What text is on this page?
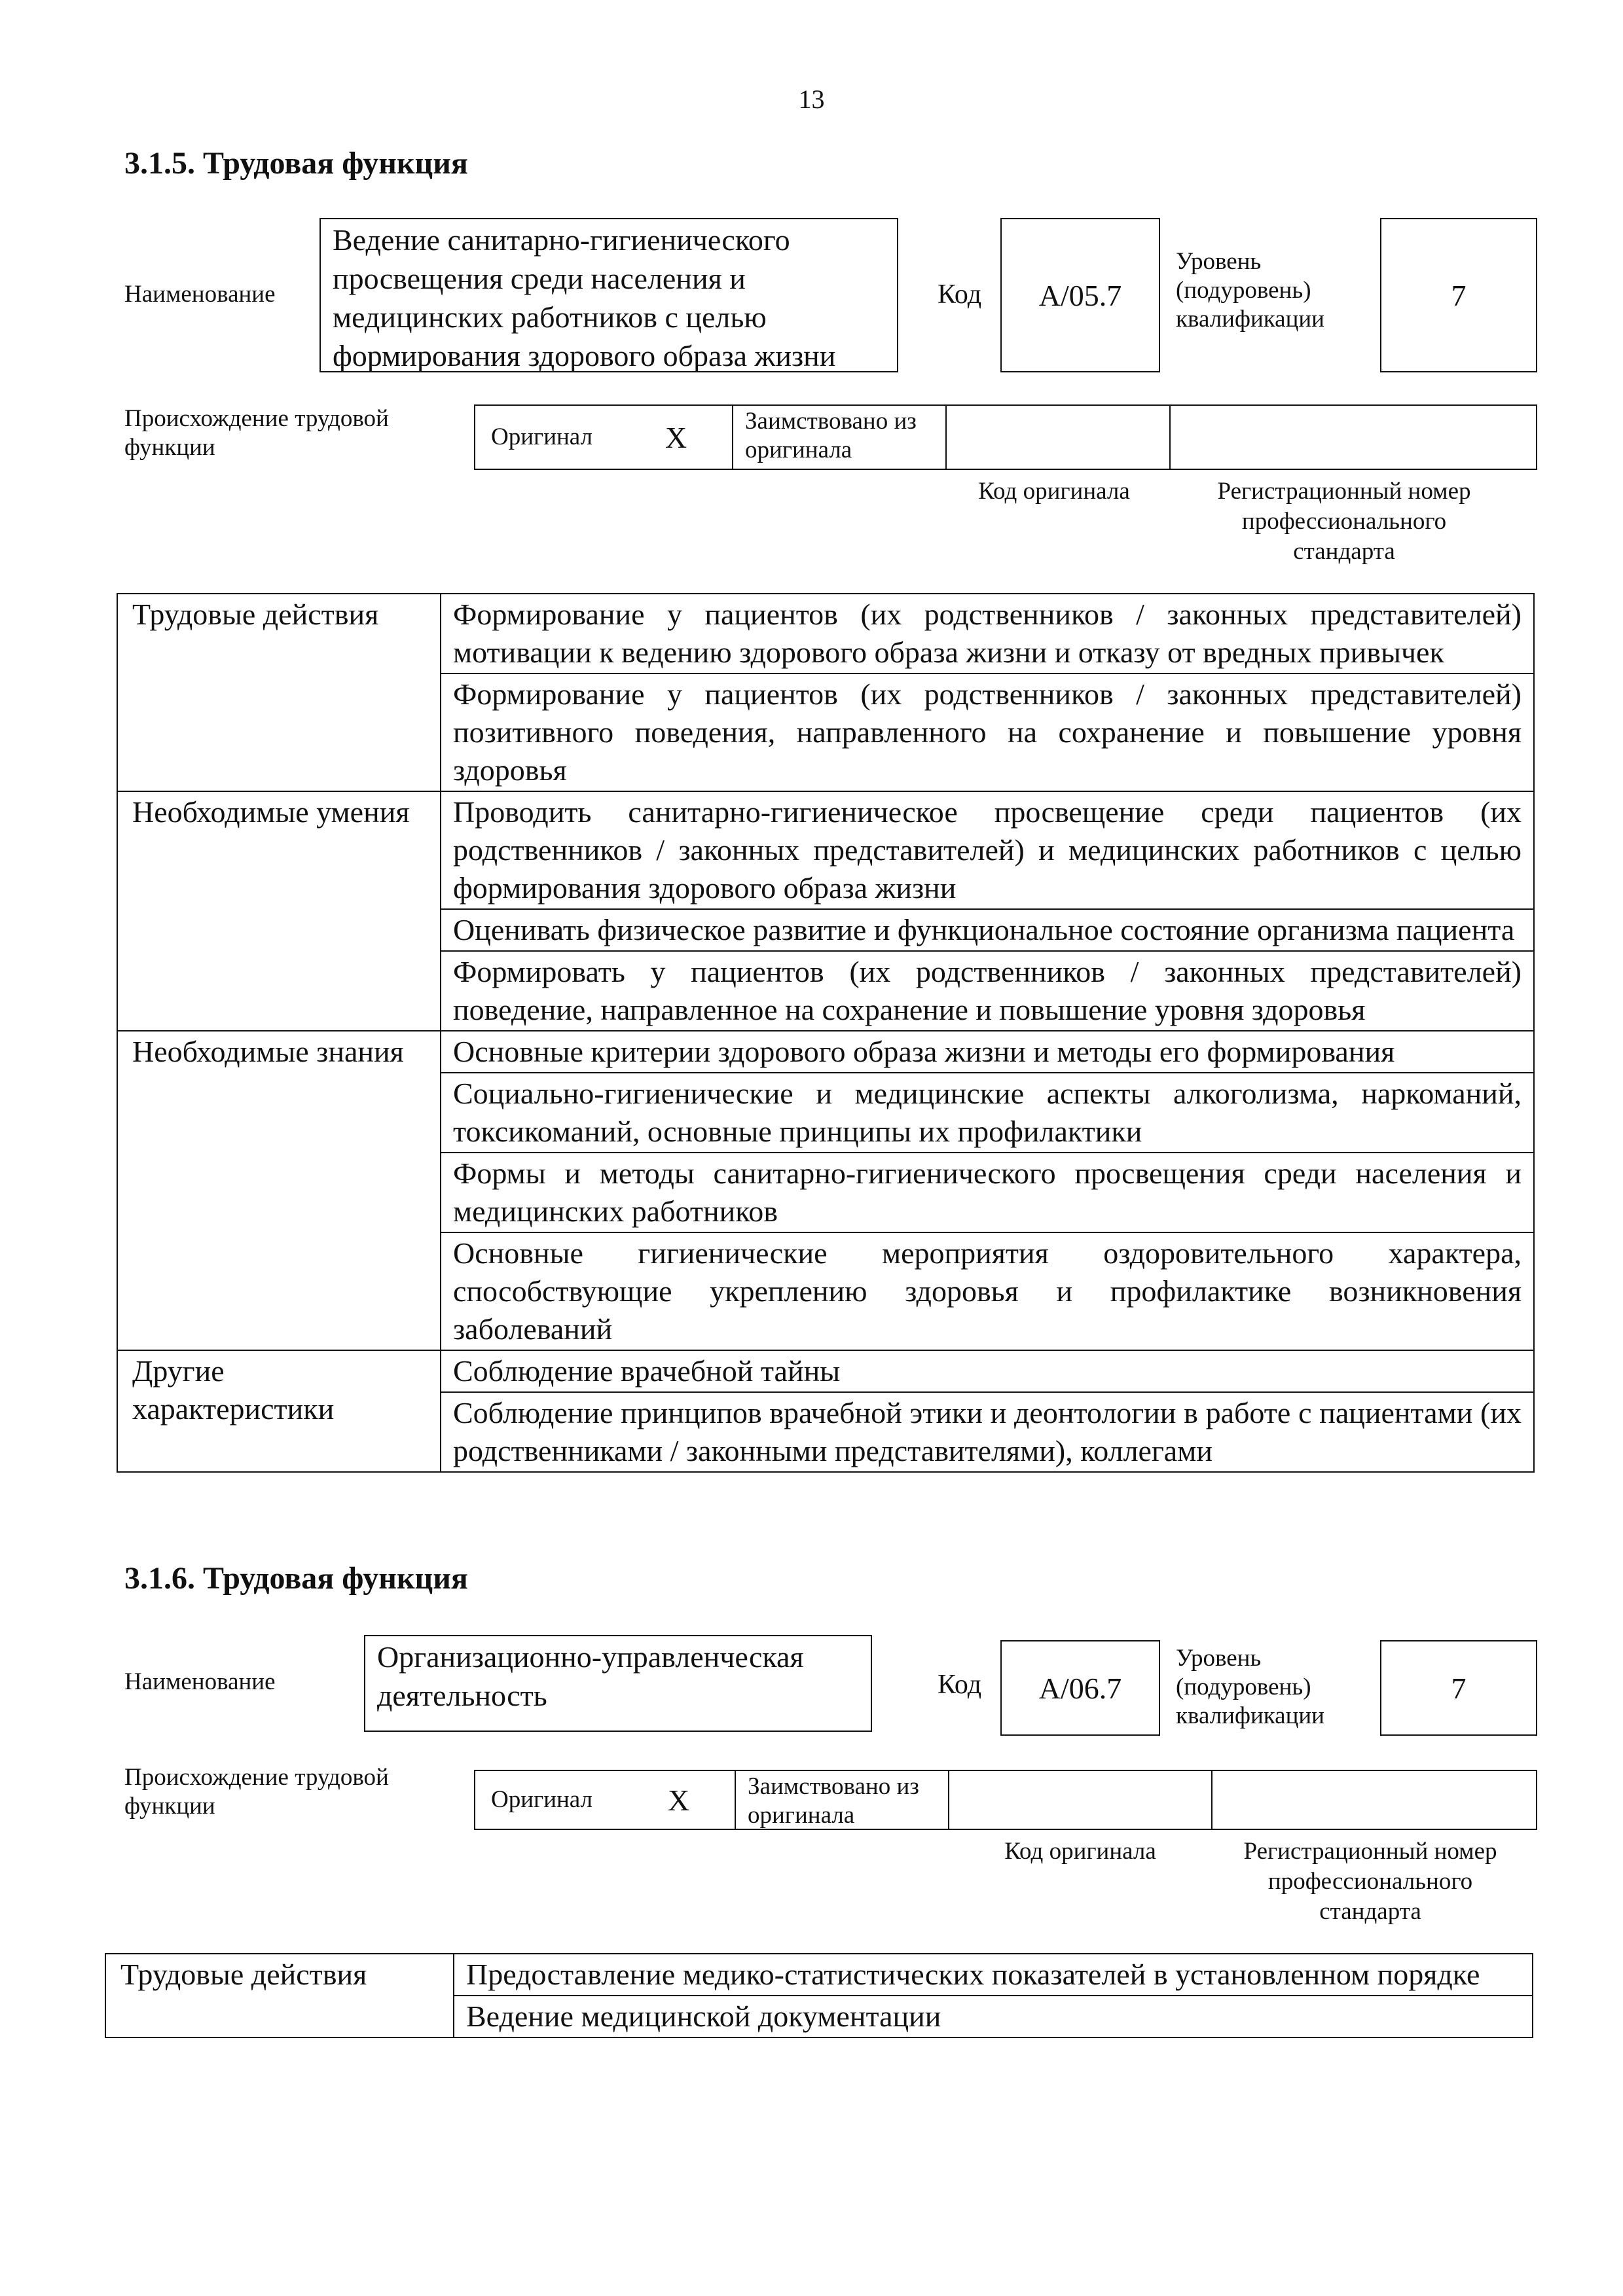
13
3.1.5. Трудовая функция
Наименование
Ведение санитарно-гигиенического просвещения среди населения и медицинских работников с целью формирования здорового образа жизни
Код А/05.7
Уровень (подуровень) квалификации
7
Происхождение трудовой функции	Оригинал X	Заимствовано из оригинала
Код оригинала	Регистрационный номер профессионального стандарта
Трудовые действия	Формирование у пациентов (их родственников / законных представителей) мотивации к ведению здорового образа жизни и отказу от вредных привычек
	Формирование у пациентов (их родственников / законных представителей) позитивного поведения, направленного на сохранение и повышение уровня здоровья
Необходимые умения	Проводить санитарно-гигиеническое просвещение среди пациентов (их родственников / законных представителей) и медицинских работников с целью формирования здорового образа жизни
	Оценивать физическое развитие и функциональное состояние организма пациента
	Формировать у пациентов (их родственников / законных представителей) поведение, направленное на сохранение и повышение уровня здоровья
Необходимые знания	Основные критерии здорового образа жизни и методы его формирования
	Социально-гигиенические и медицинские аспекты алкоголизма, наркоманий, токсикоманий, основные принципы их профилактики
	Формы и методы санитарно-гигиенического просвещения среди населения и медицинских работников
	Основные гигиенические мероприятия оздоровительного характера, способствующие укреплению здоровья и профилактике возникновения заболеваний
Другие характеристики	Соблюдение врачебной тайны
	Соблюдение принципов врачебной этики и деонтологии в работе с пациентами (их родственниками / законными представителями), коллегами
3.1.6. Трудовая функция
Наименование
Организационно-управленческая деятельность	Код А/06.7
Уровень (подуровень) квалификации
7
Происхождение трудовой функции	Оригинал X	Заимствовано из оригинала
Код оригинала	Регистрационный номер профессионального стандарта
Трудовые действия	Предоставление медико-статистических показателей в установленном порядке
Ведение медицинской документации
